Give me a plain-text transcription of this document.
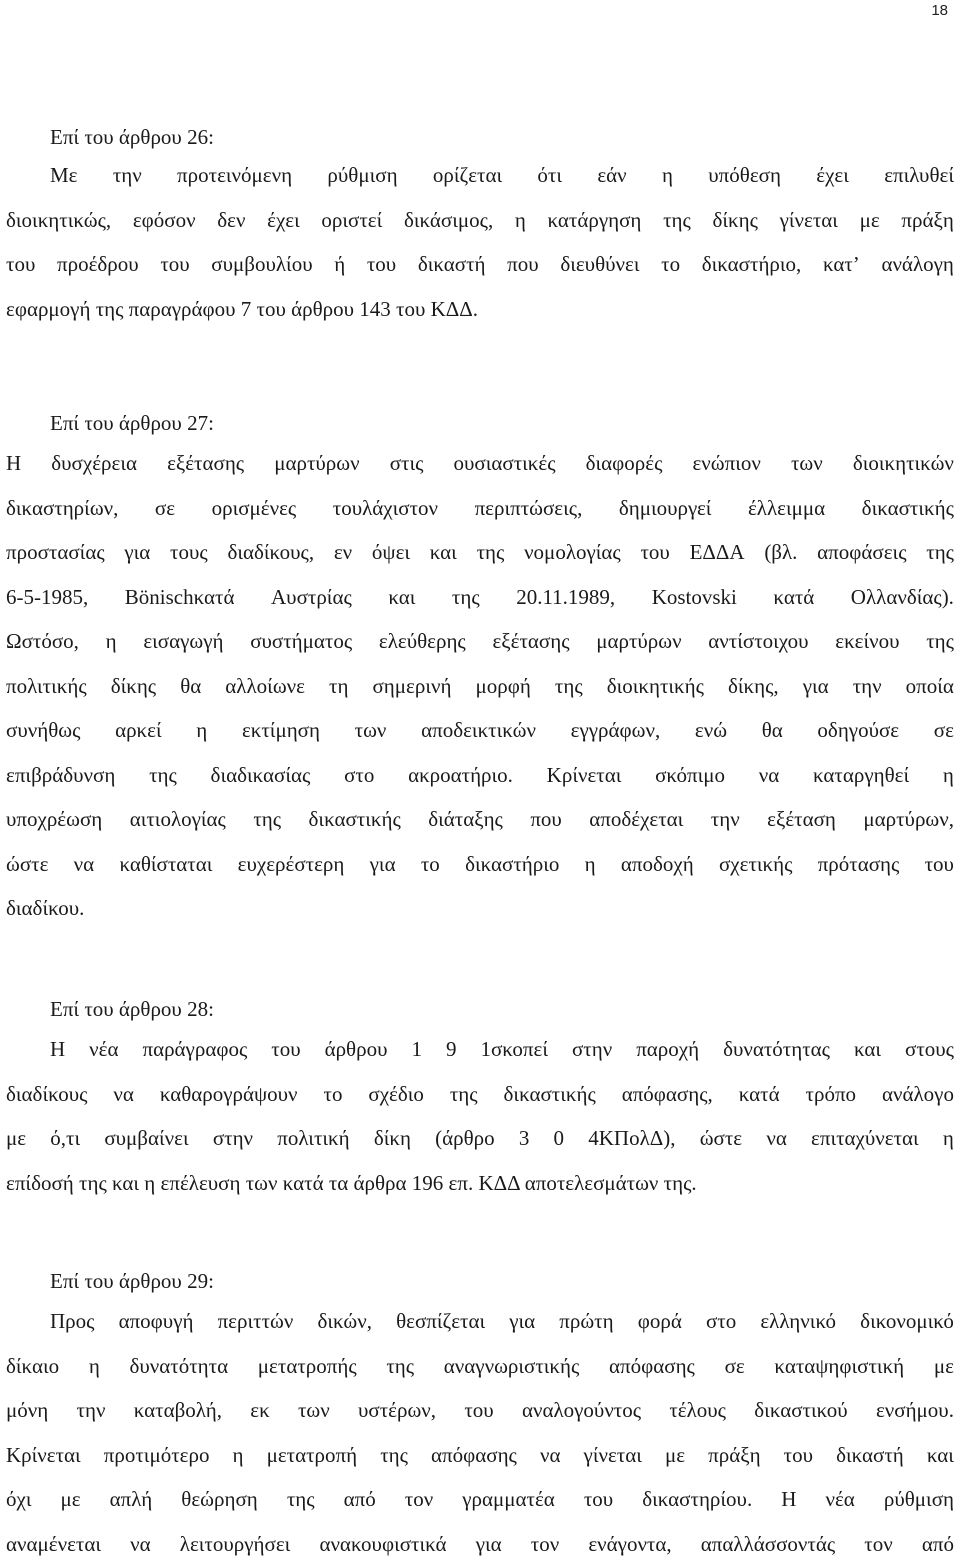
18
Επί του άρθρου 26:
Με την προτεινόμενη ρύθμιση ορίζεται ότι εάν η υπόθεση έχει επιλυθεί
διοικητικώς, εφόσον δεν έχει οριστεί δικάσιμος, η κατάργηση της δίκης γίνεται με πράξη
του προέδρου του συμβουλίου ή του δικαστή που διευθύνει το δικαστήριο, κατ’ ανάλογη
εφαρμογή της παραγράφου 7 του άρθρου 143 του ΚΔΔ.
Επί του άρθρου 27:
Η δυσχέρεια εξέτασης μαρτύρων στις ουσιαστικές διαφορές ενώπιον των διοικητικών
δικαστηρίων, σε ορισμένες τουλάχιστον περιπτώσεις, δημιουργεί έλλειμμα δικαστικής
προστασίας για τους διαδίκους, εν όψει και της νομολογίας του ΕΔΔΑ (βλ. αποφάσεις της
6-5-1985, Bönischκατά Αυστρίας και της 20.11.1989, Kostovski κατά Ολλανδίας).
Ωστόσο, η εισαγωγή συστήματος ελεύθερης εξέτασης μαρτύρων αντίστοιχου εκείνου της
πολιτικής δίκης θα αλλοίωνε τη σημερινή μορφή της διοικητικής δίκης, για την οποία
συνήθως αρκεί η εκτίμηση των αποδεικτικών εγγράφων, ενώ θα οδηγούσε σε
επιβράδυνση της διαδικασίας στο ακροατήριο. Κρίνεται σκόπιμο να καταργηθεί η
υποχρέωση αιτιολογίας της δικαστικής διάταξης που αποδέχεται την εξέταση μαρτύρων,
ώστε να καθίσταται ευχερέστερη για το δικαστήριο η αποδοχή σχετικής πρότασης του
διαδίκου.
Επί του άρθρου 28:
Η νέα παράγραφος του άρθρου 1 9 1σκοπεί στην παροχή δυνατότητας και στους
διαδίκους να καθαρογράψουν το σχέδιο της δικαστικής απόφασης, κατά τρόπο ανάλογο
με ό,τι συμβαίνει στην πολιτική δίκη (άρθρο 3 0 4ΚΠολΔ), ώστε να επιταχύνεται η
επίδοσή της και η επέλευση των κατά τα άρθρα 196 επ. ΚΔΔ αποτελεσμάτων της.
Επί του άρθρου 29:
Προς αποφυγή περιττών δικών, θεσπίζεται για πρώτη φορά στο ελληνικό δικονομικό
δίκαιο η δυνατότητα μετατροπής της αναγνωριστικής απόφασης σε καταψηφιστική με
μόνη την καταβολή, εκ των υστέρων, του αναλογούντος τέλους δικαστικού ενσήμου.
Κρίνεται προτιμότερο η μετατροπή της απόφασης να γίνεται με πράξη του δικαστή και
όχι με απλή θεώρηση της από τον γραμματέα του δικαστηρίου. Η νέα ρύθμιση
αναμένεται να λειτουργήσει ανακουφιστικά για τον ενάγοντα, απαλλάσσοντάς τον από
